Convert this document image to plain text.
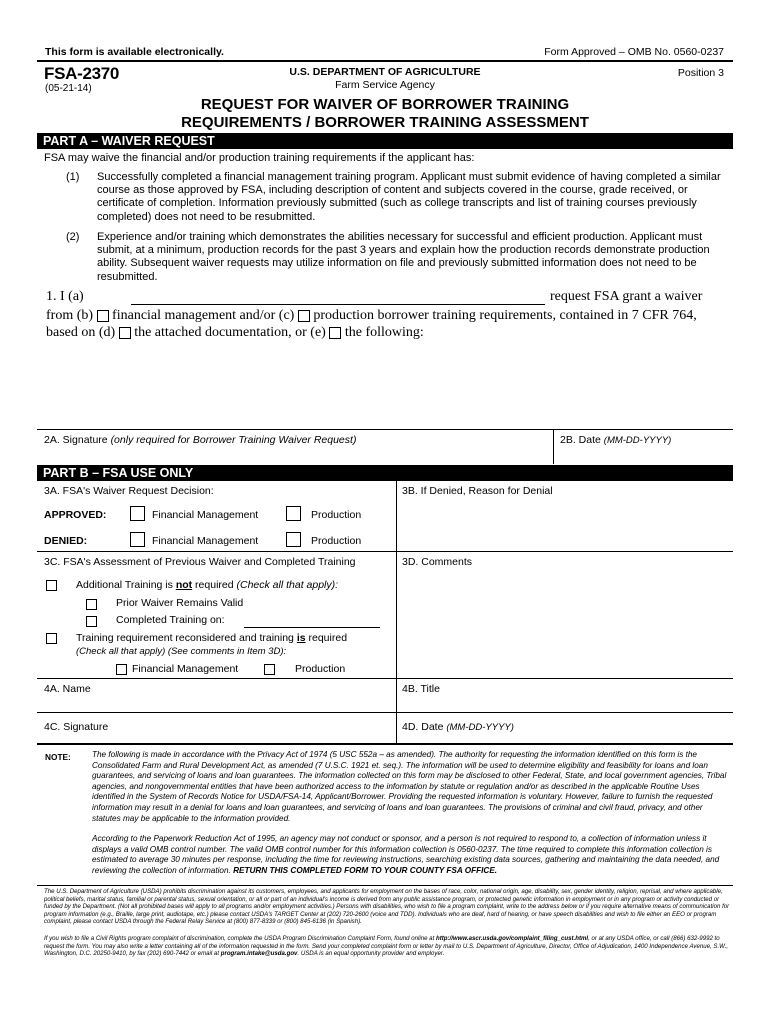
This form is available electronically.	Form Approved – OMB No. 0560-0237
FSA-2370
(05-21-14)
U.S. DEPARTMENT OF AGRICULTURE
Farm Service Agency
Position 3
REQUEST FOR WAIVER OF BORROWER TRAINING
REQUIREMENTS / BORROWER TRAINING ASSESSMENT
PART A – WAIVER REQUEST
FSA may waive the financial and/or production training requirements if the applicant has:
(1) Successfully completed a financial management training program. Applicant must submit evidence of having completed a similar course as those approved by FSA, including description of content and subjects covered in the course, grade received, or certificate of completion. Information previously submitted (such as college transcripts and list of training courses previously completed) does not need to be resubmitted.
(2) Experience and/or training which demonstrates the abilities necessary for successful and efficient production. Applicant must submit, at a minimum, production records for the past 3 years and explain how the production records demonstrate production ability. Subsequent waiver requests may utilize information on file and previously submitted information does not need to be resubmitted.
1. I (a)	request FSA grant a waiver
from (b) financial management and/or (c) production borrower training requirements, contained in 7 CFR 764,
based on (d) the attached documentation, or (e) the following:
2A. Signature (only required for Borrower Training Waiver Request)	2B. Date (MM-DD-YYYY)
PART B – FSA USE ONLY
3A. FSA's Waiver Request Decision:	3B. If Denied, Reason for Denial
APPROVED:	Financial Management	Production
DENIED:	Financial Management	Production
3C. FSA's Assessment of Previous Waiver and Completed Training	3D. Comments
Additional Training is not required (Check all that apply):
Prior Waiver Remains Valid
Completed Training on:
Training requirement reconsidered and training is required
(Check all that apply) (See comments in Item 3D):
Financial Management	Production
4A. Name	4B. Title
4C. Signature	4D. Date (MM-DD-YYYY)
NOTE:	The following is made in accordance with the Privacy Act of 1974 (5 USC 552a – as amended). The authority for requesting the information identified on this form is the Consolidated Farm and Rural Development Act, as amended (7 U.S.C. 1921 et. seq.). The information will be used to determine eligibility and feasibility for loans and loan guarantees, and servicing of loans and loan guarantees. The information collected on this form may be disclosed to other Federal, State, and local government agencies, Tribal agencies, and nongovernmental entities that have been authorized access to the information by statute or regulation and/or as described in the applicable Routine Uses identified in the System of Records Notice for USDA/FSA-14, Applicant/Borrower. Providing the requested information is voluntary. However, failure to furnish the requested information may result in a denial for loans and loan guarantees, and servicing of loans and loan guarantees. The provisions of criminal and civil fraud, privacy, and other statutes may be applicable to the information provided.
According to the Paperwork Reduction Act of 1995, an agency may not conduct or sponsor, and a person is not required to respond to, a collection of information unless it displays a valid OMB control number. The valid OMB control number for this information collection is 0560-0237. The time required to complete this information collection is estimated to average 30 minutes per response, including the time for reviewing instructions, searching existing data sources, gathering and maintaining the data needed, and reviewing the collection of information. RETURN THIS COMPLETED FORM TO YOUR COUNTY FSA OFFICE.
The U.S. Department of Agriculture (USDA) prohibits discrimination against its customers, employees, and applicants for employment on the bases of race, color, national origin, age, disability, sex, gender identity, religion, reprisal, and where applicable, political beliefs, marital status, familial or parental status, sexual orientation, or all or part of an individual's income is derived from any public assistance program, or protected genetic information in employment or in any program or activity conducted or funded by the Department. (Not all prohibited bases will apply to all programs and/or employment activities.) Persons with disabilities, who wish to file a program complaint, write to the address below or if you require alternative means of communication for program information (e.g., Braille, large print, audiotape, etc.) please contact USDA's TARGET Center at (202) 720-2600 (voice and TDD). Individuals who are deaf, hard of hearing, or have speech disabilities and wish to file either an EEO or program complaint, please contact USDA through the Federal Relay Service at (800) 877-8339 or (800) 845-6136 (in Spanish).
If you wish to file a Civil Rights program complaint of discrimination, complete the USDA Program Discrimination Complaint Form, found online at http://www.ascr.usda.gov/complaint_filing_cust.html, or at any USDA office, or call (866) 632-9992 to request the form. You may also write a letter containing all of the information requested in the form. Send your completed complaint form or letter by mail to U.S. Department of Agriculture, Director, Office of Adjudication, 1400 Independence Avenue, S.W., Washington, D.C. 20250-9410, by fax (202) 690-7442 or email at program.intake@usda.gov. USDA is an equal opportunity provider and employer.
